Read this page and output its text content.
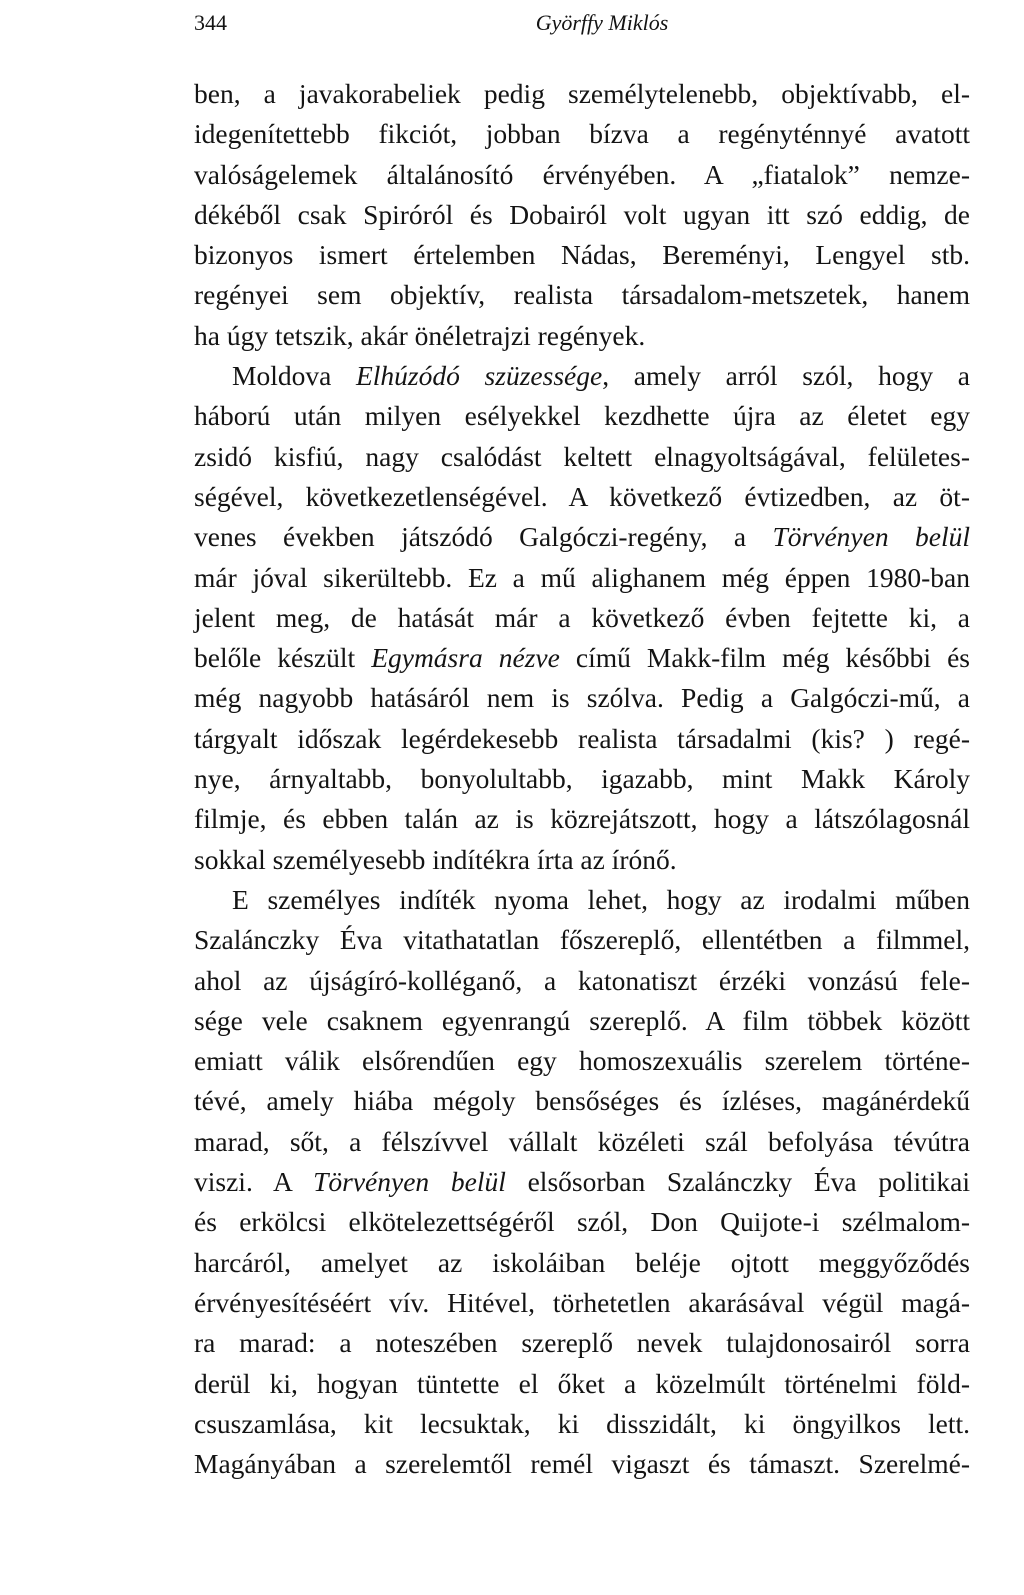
344	Györffy Miklós
ben, a javakorabeliek pedig személytelenebb, objektívabb, el-
idegenítettebb fikciót, jobban bízva a regényténnyé avatott
valóságelemek általánosító érvényében. A „fiatalok” nemze-
dékéből csak Spiróról és Dobairól volt ugyan itt szó eddig, de
bizonyos ismert értelemben Nádas, Bereményi, Lengyel stb.
regényei sem objektív, realista társadalom-metszetek, hanem
ha úgy tetszik, akár önéletrajzi regények.
Moldova Elhúzódó szüzessége, amely arról szól, hogy a
háború után milyen esélyekkel kezdhette újra az életet egy
zsidó kisfiú, nagy csalódást keltett elnagyoltságával, felületes-
ségével, következetlenségével. A következő évtizedben, az öt-
venes években játszódó Galgóczi-regény, a Törvényen belül
már jóval sikerültebb. Ez a mű alighanem még éppen 1980-ban
jelent meg, de hatását már a következő évben fejtette ki, a
belőle készült Egymásra nézve című Makk-film még későbbi és
még nagyobb hatásáról nem is szólva. Pedig a Galgóczi-mű, a
tárgyalt időszak legérdekesebb realista társadalmi (kis? ) regé-
nye, árnyaltabb, bonyolultabb, igazabb, mint Makk Károly
filmje, és ebben talán az is közrejátszott, hogy a látszólagosnál
sokkal személyesebb indítékra írta az írónő.
E személyes indíték nyoma lehet, hogy az irodalmi műben
Szalánczky Éva vitathatatlan főszereplő, ellentétben a filmmel,
ahol az újságíró-kolléganő, a katonatiszt érzéki vonzású fele-
sége vele csaknem egyenrangú szereplő. A film többek között
emiatt válik elsőrendűen egy homoszexuális szerelem történe-
tévé, amely hiába mégoly bensőséges és ízléses, magánérdekű
marad, sőt, a félszívvel vállalt közéleti szál befolyása tévútra
viszi. A Törvényen belül elsősorban Szalánczky Éva politikai
és erkölcsi elkötelezettségéről szól, Don Quijote-i szélmalom-
harcáról, amelyet az iskoláiban beléje ojtott meggyőződés
érvényesítéséért vív. Hitével, törhetetlen akarásával végül magá-
ra marad: a noteszében szereplő nevek tulajdonosairól sorra
derül ki, hogyan tüntette el őket a közelmúlt történelmi föld-
csuszamlása, kit lecsuktak, ki disszidált, ki öngyilkos lett.
Magányában a szerelemtől remél vigaszt és támaszt. Szerelmé-
